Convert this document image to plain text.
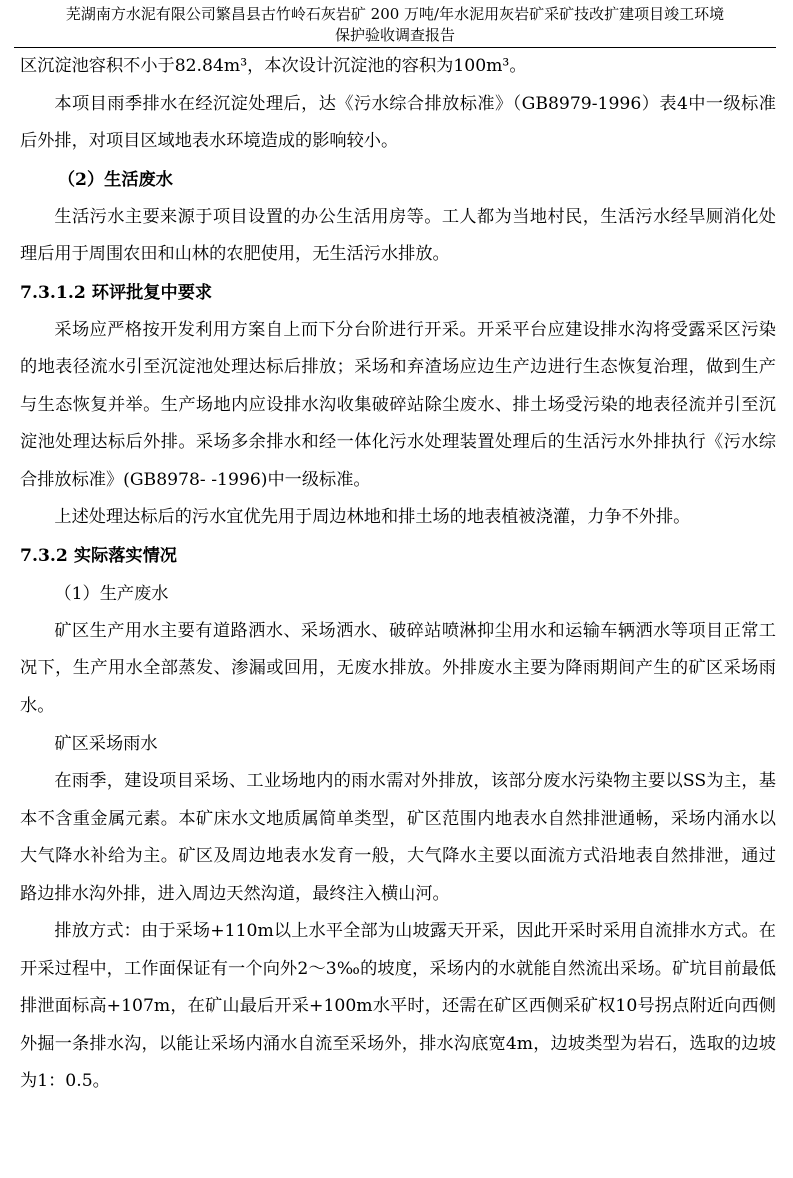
芜湖南方水泥有限公司繁昌县古竹岭石灰岩矿 200 万吨/年水泥用灰岩矿采矿技改扩建项目竣工环境
保护验收调查报告

区沉淀池容积不小于82.84m³，本次设计沉淀池的容积为100m³。

本项目雨季排水在经沉淀处理后，达《污水综合排放标准》（GB8979-1996）表4中一级标准后外排，对项目区域地表水环境造成的影响较小。

（2）生活废水

生活污水主要来源于项目设置的办公生活用房等。工人都为当地村民，生活污水经旱厕消化处理后用于周围农田和山林的农肥使用，无生活污水排放。

7.3.1.2 环评批复中要求

采场应严格按开发利用方案自上而下分台阶进行开采。开采平台应建设排水沟将受露采区污染的地表径流水引至沉淀池处理达标后排放；采场和弃渣场应边生产边进行生态恢复治理，做到生产与生态恢复并举。生产场地内应设排水沟收集破碎站除尘废水、排土场受污染的地表径流并引至沉淀池处理达标后外排。采场多余排水和经一体化污水处理装置处理后的生活污水外排执行《污水综合排放标准》(GB8978- -1996)中一级标准。

上述处理达标后的污水宜优先用于周边林地和排土场的地表植被浇灌，力争不外排。

7.3.2 实际落实情况

（1）生产废水

矿区生产用水主要有道路洒水、采场洒水、破碎站喷淋抑尘用水和运输车辆洒水等项目正常工况下，生产用水全部蒸发、渗漏或回用，无废水排放。外排废水主要为降雨期间产生的矿区采场雨水。

矿区采场雨水

在雨季，建设项目采场、工业场地内的雨水需对外排放，该部分废水污染物主要以SS为主，基本不含重金属元素。本矿床水文地质属简单类型，矿区范围内地表水自然排泄通畅，采场内涌水以大气降水补给为主。矿区及周边地表水发育一般，大气降水主要以面流方式沿地表自然排泄，通过路边排水沟外排，进入周边天然沟道，最终注入横山河。

排放方式：由于采场+110m以上水平全部为山坡露天开采，因此开采时采用自流排水方式。在开采过程中，工作面保证有一个向外2～3‰的坡度，采场内的水就能自然流出采场。矿坑目前最低排泄面标高+107m，在矿山最后开采+100m水平时，还需在矿区西侧采矿权10号拐点附近向西侧外掘一条排水沟，以能让采场内涌水自流至采场外，排水沟底宽4m，边坡类型为岩石，选取的边坡为1：0.5。
